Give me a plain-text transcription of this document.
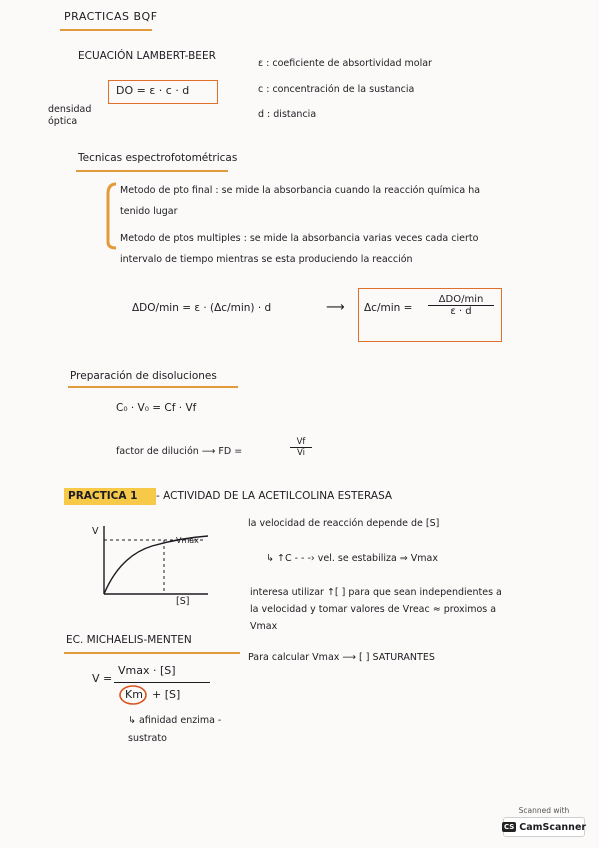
PRACTICAS BQF
ECUACIÓN LAMBERT-BEER
DO = ε · c · d
densidad óptica
ε : coeficiente de absortividad molar
c : concentración de la sustancia
d : distancia
Tecnicas espectrofotométricas
Metodo de pto final : se mide la absorbancia cuando la reacción química ha tenido lugar
Metodo de ptos multiples : se mide la absorbancia varias veces cada cierto intervalo de tiempo mientras se esta produciendo la reacción
ΔDO/min = ε · (Δc/min) · d	⟶ Δc/min =
ΔDO/min
ε · d
Preparación de disoluciones
C₀ · V₀ = Cf · Vf
factor de dilución ⟶ FD =	$\frac{Vf}{Vi}$
PRACTICA 1 - ACTIVIDAD DE LA ACETILCOLINA ESTERASA
V
Vmax
[S]
la velocidad de reacción depende de [S]
↳ ↑C - - -› vel. se estabiliza ⇒ Vmax
interesa utilizar ↑[ ] para que sean independientes a la velocidad y tomar valores de Vreac ≈ proximos a Vmax
Para calcular Vmax ⟶ [ ] SATURANTES
EC. MICHAELIS-MENTEN
V =
Vmax · [S]
Km + [S]
↳ afinidad enzima - sustrato
Scanned with
CS CamScanner
